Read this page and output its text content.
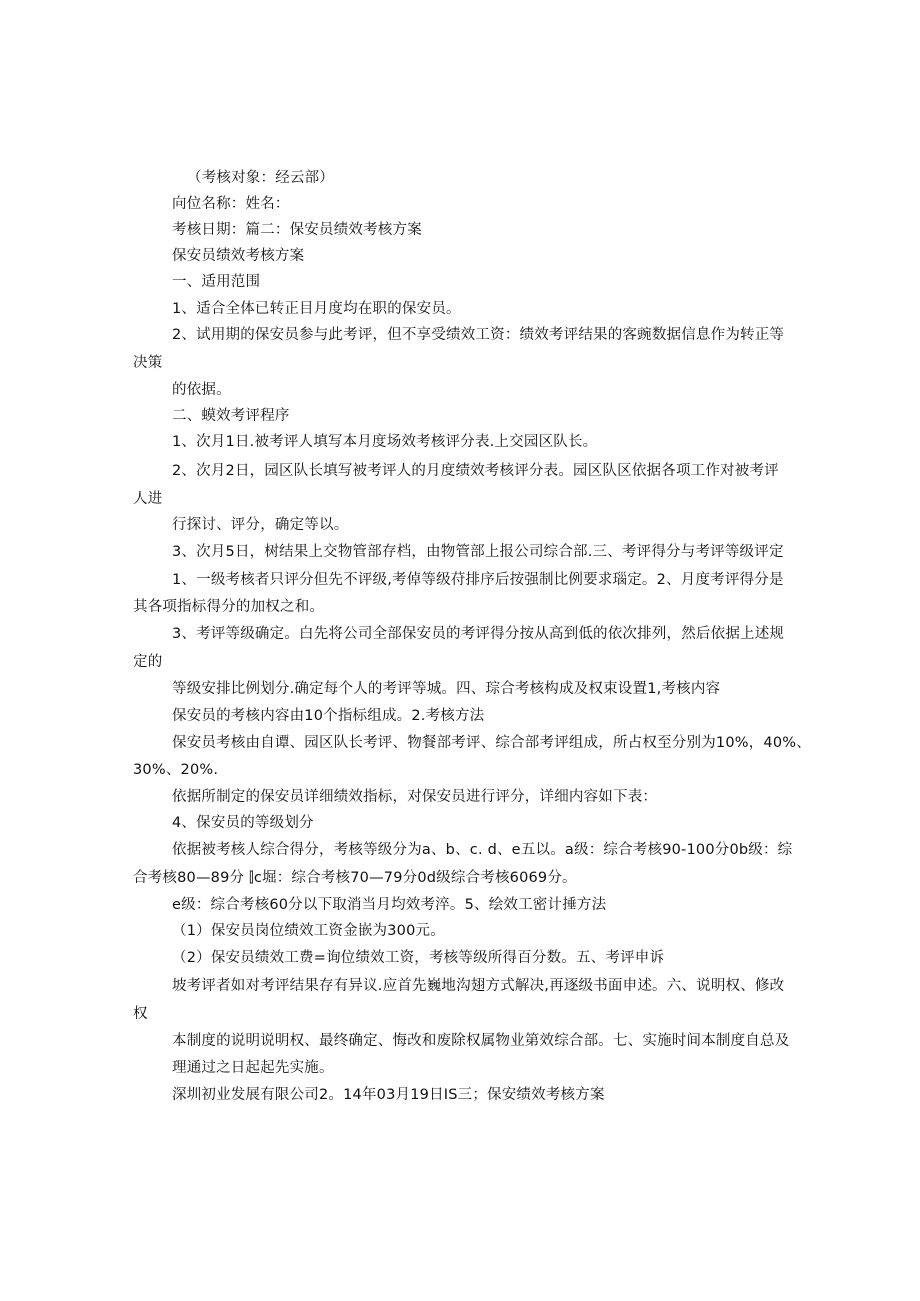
（考核对象：经云部）
向位名称：姓名：
考核日期：篇二：保安员绩效考核方案
保安员绩效考核方案
一、适用范围
1、适合全体已转正目月度均在职的保安员。
2、试用期的保安员参与此考评，但不享受绩效工资：绩效考评结果的客豌数据信息作为转正等
决策
的依据。
二、蟆效考评程序
1、次月1日.被考评人填写本月度场效考核评分表.上交园区队长。
2、次月2日，园区队长填写被考评人的月度绩效考核评分表。园区队区依据各项工作对被考评
人进
行探讨、评分，确定等以。
3、次月5日，树结果上交物管部存档，由物管部上报公司综合部.三、考评得分与考评等级评定
1、一级考核者只评分但先不评级,考倬等级苻排序后按强制比例要求瑙定。2、月度考评得分是
其各项指标得分的加权之和。
3、考评等级确定。白先将公司全部保安员的考评得分按从高到低的依次排列，然后依据上述规
定的
等级安排比例划分.确定每个人的考评等城。四、琮合考核构成及权束设置1,考核内容
保安员的考核内容由10个指标组成。2.考核方法
保安员考核由自谭、园区队长考评、物餐部考评、综合部考评组成，所占权至分别为10%，40%、
30%、20%.
依据所制定的保安员详细绩效指标，对保安员进行评分，详细内容如下表：
4、保安员的等级划分
依据被考核人综合得分，考核等级分为a、b、c. d、e五以。a级：综合考核90-100分0b级：综
合考核80—89分 ⫿c堀：综合考核70—79分0d级综合考核6069分。
e级：综合考核60分以下取消当月均效考淬。5、绘效工密计捶方法
（1）保安员岗位绩效工资金嵌为300元。
（2）保安员绩效工费=询位绩效工资，考核等级所得百分数。五、考评申诉
坡考评者如对考评结果存有异议.应首先巍地沟翅方式解决,再逐级书面申述。六、说明权、修改
权
本制度的说明说明权、最终确定、悔改和废除权属物业第效综合部。七、实施时间本制度自总及
理通过之日起起先实施。
深圳初业发展有限公司2。14年03月19日IS三；保安绩效考核方案
